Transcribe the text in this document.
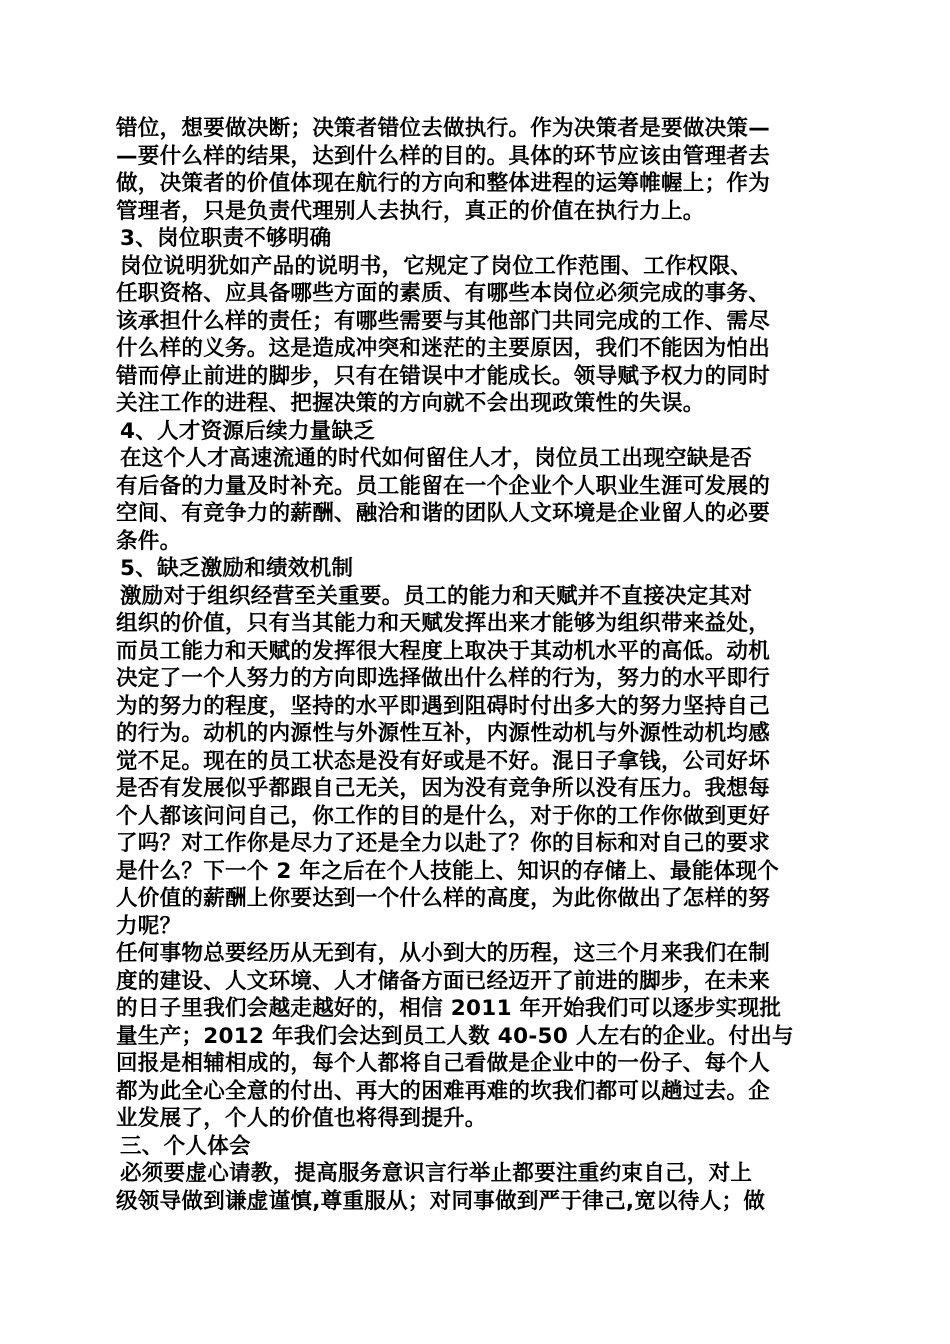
错位，想要做决断；决策者错位去做执行。作为决策者是要做决策—
—要什么样的结果，达到什么样的目的。具体的环节应该由管理者去
做，决策者的价值体现在航行的方向和整体进程的运筹帷幄上；作为
管理者，只是负责代理别人去执行，真正的价值在执行力上。
3、岗位职责不够明确
岗位说明犹如产品的说明书，它规定了岗位工作范围、工作权限、
任职资格、应具备哪些方面的素质、有哪些本岗位必须完成的事务、
该承担什么样的责任；有哪些需要与其他部门共同完成的工作、需尽
什么样的义务。这是造成冲突和迷茫的主要原因，我们不能因为怕出
错而停止前进的脚步，只有在错误中才能成长。领导赋予权力的同时
关注工作的进程、把握决策的方向就不会出现政策性的失误。
4、人才资源后续力量缺乏
在这个人才高速流通的时代如何留住人才，岗位员工出现空缺是否
有后备的力量及时补充。员工能留在一个企业个人职业生涯可发展的
空间、有竞争力的薪酬、融洽和谐的团队人文环境是企业留人的必要
条件。
5、缺乏激励和绩效机制
激励对于组织经营至关重要。员工的能力和天赋并不直接决定其对
组织的价值，只有当其能力和天赋发挥出来才能够为组织带来益处，
而员工能力和天赋的发挥很大程度上取决于其动机水平的高低。动机
决定了一个人努力的方向即选择做出什么样的行为，努力的水平即行
为的努力的程度，坚持的水平即遇到阻碍时付出多大的努力坚持自己
的行为。动机的内源性与外源性互补，内源性动机与外源性动机均感
觉不足。现在的员工状态是没有好或是不好。混日子拿钱，公司好坏
是否有发展似乎都跟自己无关，因为没有竞争所以没有压力。我想每
个人都该问问自己，你工作的目的是什么，对于你的工作你做到更好
了吗？对工作你是尽力了还是全力以赴了？你的目标和对自己的要求
是什么？下一个 2 年之后在个人技能上、知识的存储上、最能体现个
人价值的薪酬上你要达到一个什么样的高度，为此你做出了怎样的努
力呢？
任何事物总要经历从无到有，从小到大的历程，这三个月来我们在制
度的建设、人文环境、人才储备方面已经迈开了前进的脚步，在未来
的日子里我们会越走越好的，相信 2011 年开始我们可以逐步实现批
量生产；2012 年我们会达到员工人数 40-50 人左右的企业。付出与
回报是相辅相成的，每个人都将自己看做是企业中的一份子、每个人
都为此全心全意的付出、再大的困难再难的坎我们都可以趟过去。企
业发展了，个人的价值也将得到提升。
三、个人体会
必须要虚心请教，提高服务意识言行举止都要注重约束自己，对上
级领导做到谦虚谨慎,尊重服从；对同事做到严于律己,宽以待人；做
